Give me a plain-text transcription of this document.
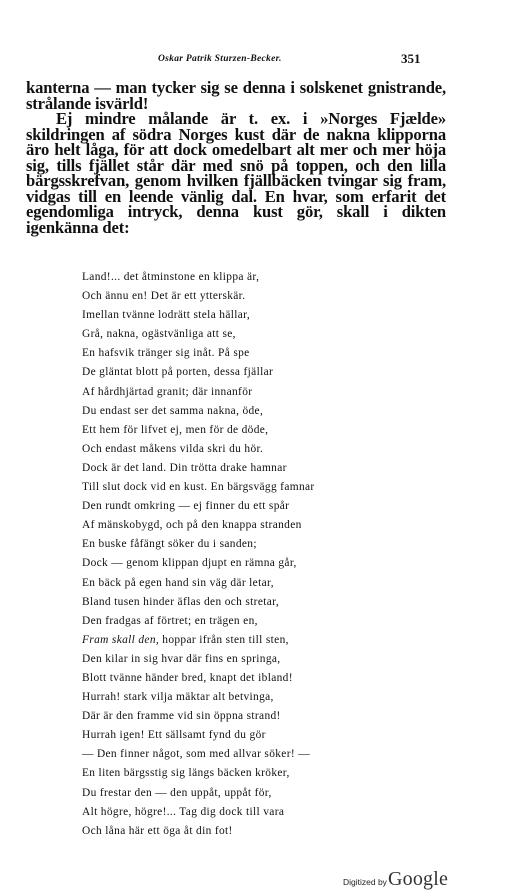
Oskar Patrik Sturzen-Becker.	351

kanterna — man tycker sig se denna i solskenet gnistrande, strålande isvärld!

Ej mindre målande är t. ex. i »Norges Fjælde» skildringen af södra Norges kust där de nakna klipporna äro helt låga, för att dock omedelbart alt mer och mer höja sig, tills fjället står där med snö på toppen, och den lilla bärgsskrefvan, genom hvilken fjällbäcken tvingar sig fram, vidgas till en leende vänlig dal. En hvar, som erfarit det egendomliga intryck, denna kust gör, skall i dikten igenkänna det:

Land!... det åtminstone en klippa är,
Och ännu en! Det är ett ytterskär.
Imellan tvänne lodrätt stela hällar,
Grå, nakna, ogästvänliga att se,
En hafsvik tränger sig inåt. På spe
De gläntat blott på porten, dessa fjällar
Af hårdhjärtad granit; där innanför
Du endast ser det samma nakna, öde,
Ett hem för lifvet ej, men för de döde,
Och endast måkens vilda skri du hör.
Dock är det land. Din trötta drake hamnar
Till slut dock vid en kust. En bärgsvägg famnar
Den rundt omkring — ej finner du ett spår
Af mänskobygd, och på den knappa stranden
En buske fåfängt söker du i sanden;
Dock — genom klippan djupt en rämna går,
En bäck på egen hand sin väg där letar,
Bland tusen hinder äflas den och stretar,
Den fradgas af förtret; en trägen en,
Fram skall den, hoppar ifrån sten till sten,
Den kilar in sig hvar där fins en springa,
Blott tvänne händer bred, knapt det ibland!
Hurrah! stark vilja mäktar alt betvinga,
Där är den framme vid sin öppna strand!
Hurrah igen! Ett sällsamt fynd du gör
— Den finner något, som med allvar söker! —
En liten bärgsstig sig längs bäcken kröker,
Du frestar den — den uppåt, uppåt för,
Alt högre, högre!... Tag dig dock till vara
Och låna här ett öga åt din fot!
Digitized by Google
